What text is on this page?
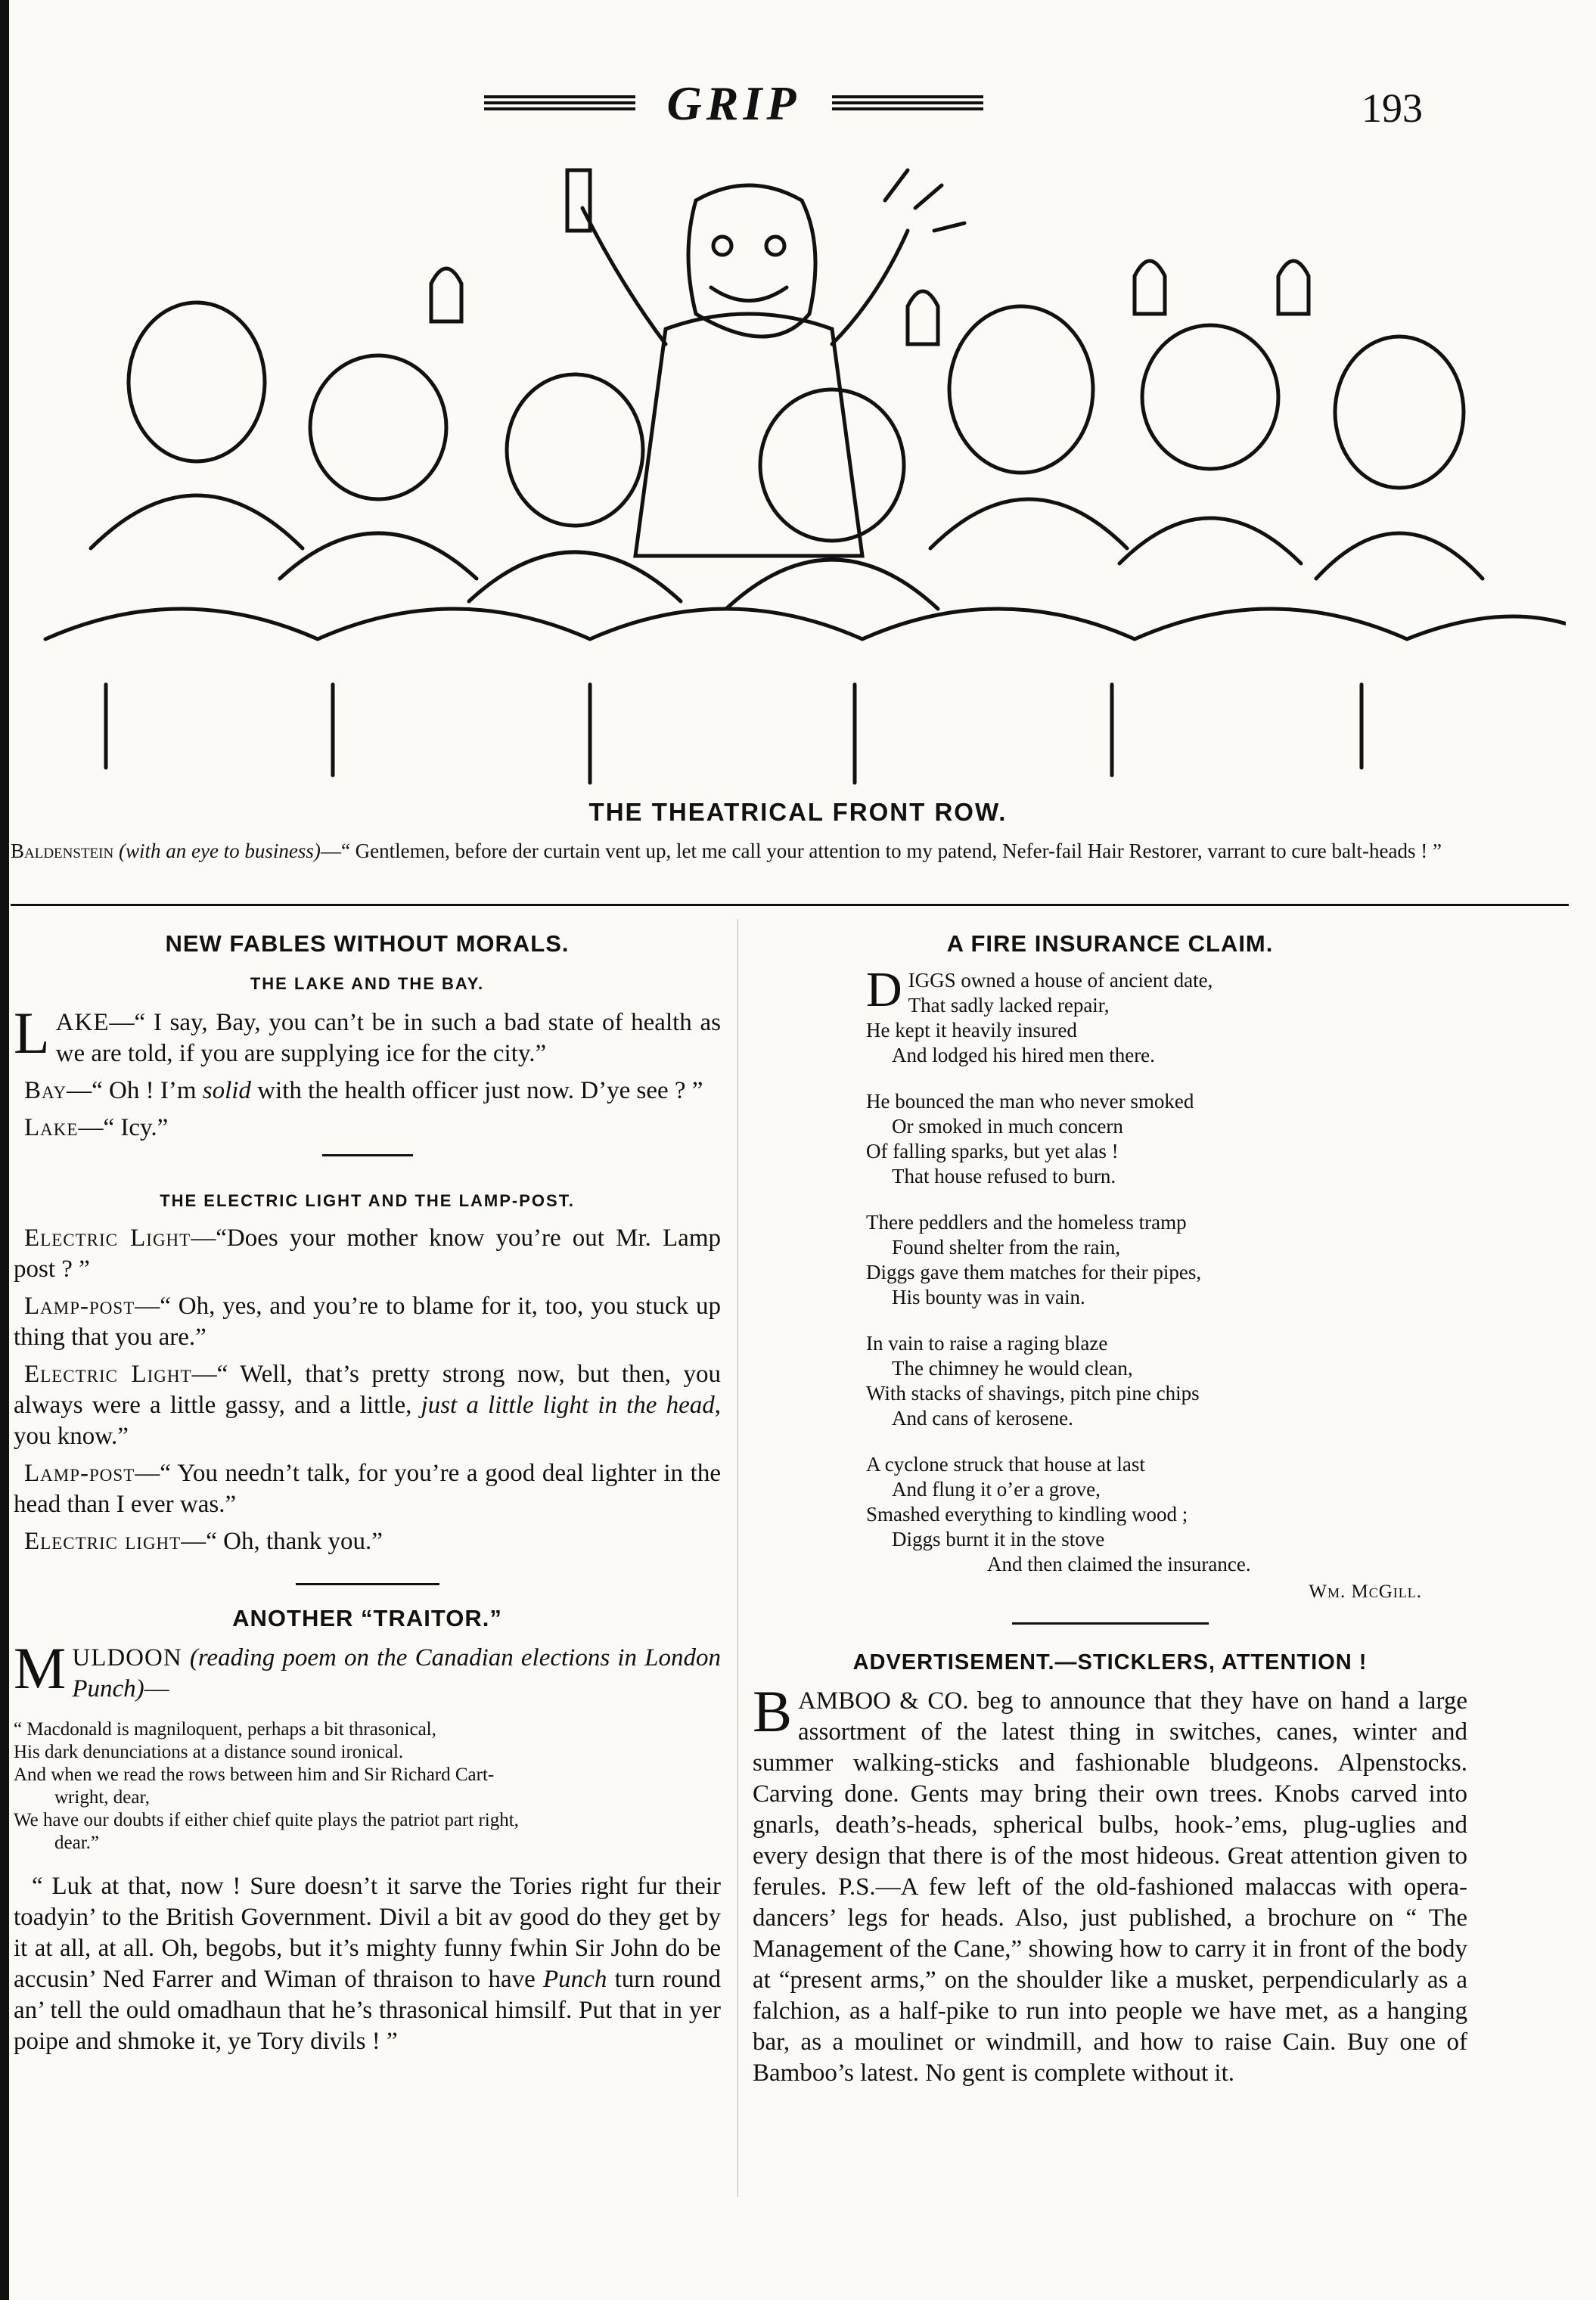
GRIP	193
THE THEATRICAL FRONT ROW.
Baldenstein (with an eye to business)—“ Gentlemen, before der curtain vent up, let me call your attention to my patend, Nefer-fail Hair Restorer, varrant to cure balt-heads ! ”
NEW FABLES WITHOUT MORALS.
THE LAKE AND THE BAY.

LAKE—“ I say, Bay, you can’t be in such a bad state of health as we are told, if you are supplying ice for the city.”

Bay—“ Oh ! I’m solid with the health officer just now. D’ye see ? ”

Lake—“ Icy.”

THE ELECTRIC LIGHT AND THE LAMP-POST.

Electric Light—“Does your mother know you’re out Mr. Lamp post ? ”

Lamp-post—“ Oh, yes, and you’re to blame for it, too, you stuck up thing that you are.”

Electric Light—“ Well, that’s pretty strong now, but then, you always were a little gassy, and a little, just a little light in the head, you know.”

Lamp-post—“ You needn’t talk, for you’re a good deal lighter in the head than I ever was.”

Electric light—“ Oh, thank you.”

ANOTHER “TRAITOR.”

MULDOON (reading poem on the Canadian elections in London Punch)—

“ Macdonald is magniloquent, perhaps a bit thrasonical,
His dark denunciations at a distance sound ironical.
And when we read the rows between him and Sir Richard Cart-
wright, dear,
We have our doubts if either chief quite plays the patriot part right,
dear.”

“ Luk at that, now ! Sure doesn’t it sarve the Tories right fur their toadyin’ to the British Government. Divil a bit av good do they get by it at all, at all. Oh, begobs, but it’s mighty funny fwhin Sir John do be accusin’ Ned Farrer and Wiman of thraison to have Punch turn round an’ tell the ould omadhaun that he’s thrasonical himsilf. Put that in yer poipe and shmoke it, ye Tory divils ! ”

A FIRE INSURANCE CLAIM.
DIGGS owned a house of ancient date,
That sadly lacked repair,
He kept it heavily insured
And lodged his hired men there.
He bounced the man who never smoked
Or smoked in much concern
Of falling sparks, but yet alas !
That house refused to burn.
There peddlers and the homeless tramp
Found shelter from the rain,
Diggs gave them matches for their pipes,
His bounty was in vain.
In vain to raise a raging blaze
The chimney he would clean,
With stacks of shavings, pitch pine chips
And cans of kerosene.
A cyclone struck that house at last
And flung it o’er a grove,
Smashed everything to kindling wood ;
Diggs burnt it in the stove
And then claimed the insurance.
Wm. McGill.
ADVERTISEMENT.—STICKLERS, ATTENTION !

BAMBOO & CO. beg to announce that they have on hand a large assortment of the latest thing in switches, canes, winter and summer walking-sticks and fashionable bludgeons. Alpenstocks. Carving done. Gents may bring their own trees. Knobs carved into gnarls, death’s-heads, spherical bulbs, hook-’ems, plug-uglies and every design that there is of the most hideous. Great attention given to ferules. P.S.—A few left of the old-fashioned malaccas with opera-dancers’ legs for heads. Also, just published, a brochure on “ The Management of the Cane,” showing how to carry it in front of the body at “present arms,” on the shoulder like a musket, perpendicularly as a falchion, as a half-pike to run into people we have met, as a hanging bar, as a moulinet or windmill, and how to raise Cain. Buy one of Bamboo’s latest. No gent is complete without it.
